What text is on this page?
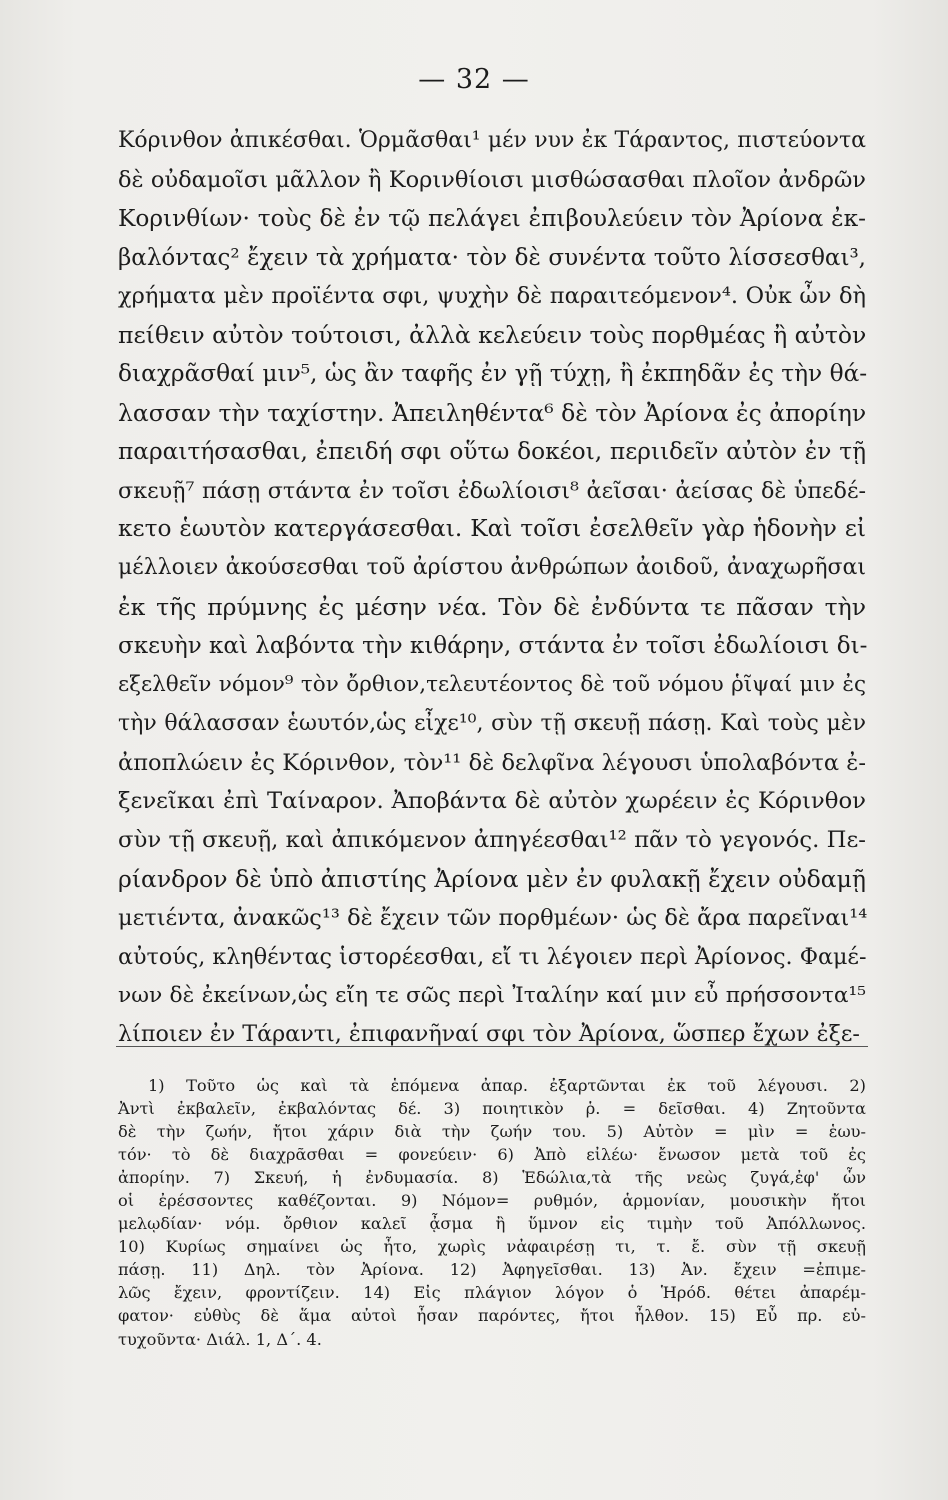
— 32 —
Κόρινθον ἀπικέσθαι. Ὁρμᾶσθαι¹ μέν νυν ἐκ Τάραντος, πιστεύοντα
δὲ οὐδαμοῖσι μᾶλλον ἢ Κορινθίοισι μισθώσασθαι πλοῖον ἀνδρῶν
Κορινθίων· τοὺς δὲ ἐν τῷ πελάγει ἐπιβουλεύειν τὸν Ἀρίονα ἐκ-
βαλόντας² ἔχειν τὰ χρήματα· τὸν δὲ συνέντα τοῦτο λίσσεσθαι³,
χρήματα μὲν προϊέντα σφι, ψυχὴν δὲ παραιτεόμενον⁴. Οὐκ ὦν δὴ
πείθειν αὐτὸν τούτοισι, ἀλλὰ κελεύειν τοὺς πορθμέας ἢ αὐτὸν
διαχρᾶσθαί μιν⁵, ὡς ἂν ταφῆς ἐν γῇ τύχῃ, ἢ ἐκπηδᾶν ἐς τὴν θά-
λασσαν τὴν ταχίστην. Ἀπειληθέντα⁶ δὲ τὸν Ἀρίονα ἐς ἀπορίην
παραιτήσασθαι, ἐπειδή σφι οὕτω δοκέοι, περιιδεῖν αὐτὸν ἐν τῇ
σκευῇ⁷ πάσῃ στάντα ἐν τοῖσι ἐδωλίοισι⁸ ἀεῖσαι· ἀείσας δὲ ὑπεδέ-
κετο ἑωυτὸν κατεργάσεσθαι. Καὶ τοῖσι ἐσελθεῖν γὰρ ἡδονὴν εἰ
μέλλοιεν ἀκούσεσθαι τοῦ ἀρίστου ἀνθρώπων ἀοιδοῦ, ἀναχωρῆσαι
ἐκ τῆς πρύμνης ἐς μέσην νέα. Τὸν δὲ ἐνδύντα τε πᾶσαν τὴν
σκευὴν καὶ λαβόντα τὴν κιθάρην, στάντα ἐν τοῖσι ἐδωλίοισι δι-
εξελθεῖν νόμον⁹ τὸν ὄρθιον,τελευτέοντος δὲ τοῦ νόμου ῥῖψαί μιν ἐς
τὴν θάλασσαν ἑωυτόν,ὡς εἶχε¹⁰, σὺν τῇ σκευῇ πάσῃ. Καὶ τοὺς μὲν
ἀποπλώειν ἐς Κόρινθον, τὸν¹¹ δὲ δελφῖνα λέγουσι ὑπολαβόντα ἐ-
ξενεῖκαι ἐπὶ Ταίναρον. Ἀποβάντα δὲ αὐτὸν χωρέειν ἐς Κόρινθον
σὺν τῇ σκευῇ, καὶ ἀπικόμενον ἀπηγέεσθαι¹² πᾶν τὸ γεγονός. Πε-
ρίανδρον δὲ ὑπὸ ἀπιστίης Ἀρίονα μὲν ἐν φυλακῇ ἔχειν οὐδαμῇ
μετιέντα, ἀνακῶς¹³ δὲ ἔχειν τῶν πορθμέων· ὡς δὲ ἄρα παρεῖναι¹⁴
αὐτούς, κληθέντας ἱστορέεσθαι, εἴ τι λέγοιεν περὶ Ἀρίονος. Φαμέ-
νων δὲ ἐκείνων,ὡς εἴη τε σῶς περὶ Ἰταλίην καί μιν εὖ πρήσσοντα¹⁵
λίποιεν ἐν Τάραντι, ἐπιφανῆναί σφι τὸν Ἀρίονα, ὥσπερ ἔχων ἐξε-
1) Τοῦτο ὡς καὶ τὰ ἑπόμενα ἀπαρ. ἐξαρτῶνται ἐκ τοῦ λέγουσι. 2)
Ἀντὶ ἐκβαλεῖν, ἐκβαλόντας δέ. 3) ποιητικὸν ῥ. = δεῖσθαι. 4) Ζητοῦντα
δὲ τὴν ζωήν, ἤτοι χάριν διὰ τὴν ζωήν του. 5) Αὐτὸν = μὶν = ἑωυ-
τόν· τὸ δὲ διαχρᾶσθαι = φονεύειν· 6) Ἀπὸ εἰλέω· ἔνωσον μετὰ τοῦ ἐς
ἀπορίην. 7) Σκευή, ἡ ἐνδυμασία. 8) Ἑδώλια,τὰ τῆς νεὼς ζυγά,ἐφ' ὧν
οἱ ἐρέσσοντες καθέζονται. 9) Νόμον= ρυθμόν, ἁρμονίαν, μουσικὴν ἤτοι
μελῳδίαν· νόμ. ὄρθιον καλεῖ ᾆσμα ἢ ὕμνον εἰς τιμὴν τοῦ Ἀπόλλωνος.
10) Κυρίως σημαίνει ὡς ἦτο, χωρὶς νἀφαιρέσῃ τι, τ. ἔ. σὺν τῇ σκευῇ
πάσῃ. 11) Δηλ. τὸν Ἀρίονα. 12) Ἀφηγεῖσθαι. 13) Ἀν. ἔχειν =ἐπιμε-
λῶς ἔχειν, φροντίζειν. 14) Εἰς πλάγιον λόγον ὁ Ἡρόδ. θέτει ἀπαρέμ-
φατον· εὐθὺς δὲ ἅμα αὐτοὶ ἦσαν παρόντες, ἤτοι ἦλθον. 15) Εὖ πρ. εὐ-
τυχοῦντα· Διάλ. 1, Δ΄. 4.
